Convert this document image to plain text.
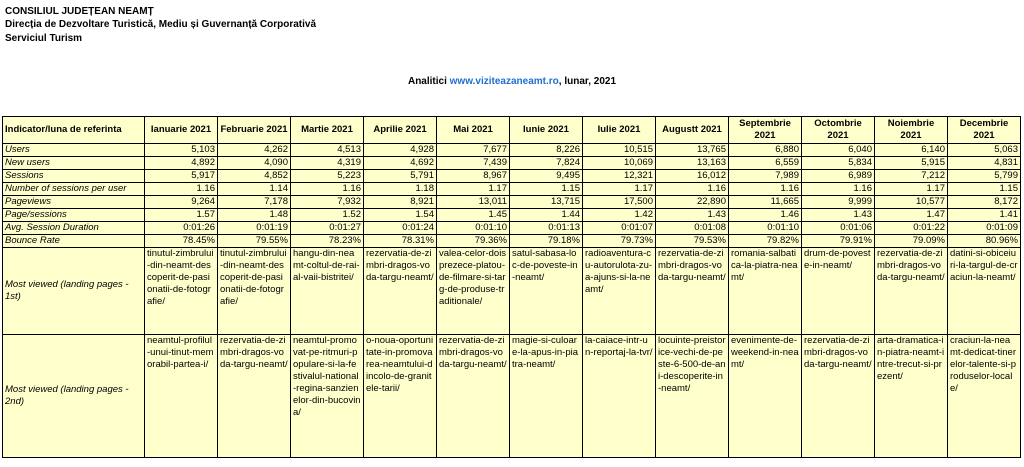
CONSILIUL JUDEȚEAN NEAMȚ
Direcția de Dezvoltare Turistică, Mediu și Guvernanță Corporativă
Serviciul Turism
Analitici www.viziteazaneamt.ro, lunar, 2021
Indicator/luna de referinta	Ianuarie 2021	Februarie 2021	Martie 2021	Aprilie 2021	Mai 2021	Iunie 2021	Iulie 2021	Augustt 2021	Septembrie 2021	Octombrie 2021	Noiembrie 2021	Decembrie 2021
Users	5,103	4,262	4,513	4,928	7,677	8,226	10,515	13,765	6,880	6,040	6,140	5,063
New users	4,892	4,090	4,319	4,692	7,439	7,824	10,069	13,163	6,559	5,834	5,915	4,831
Sessions	5,917	4,852	5,223	5,791	8,967	9,495	12,321	16,012	7,989	6,989	7,212	5,799
Number of sessions per user	1.16	1.14	1.16	1.18	1.17	1.15	1.17	1.16	1.16	1.16	1.17	1.15
Pageviews	9,264	7,178	7,932	8,921	13,011	13,715	17,500	22,890	11,665	9,999	10,577	8,172
Page/sessions	1.57	1.48	1.52	1.54	1.45	1.44	1.42	1.43	1.46	1.43	1.47	1.41
Avg. Session Duration	0:01:26	0:01:19	0:01:27	0:01:24	0:01:10	0:01:13	0:01:07	0:01:08	0:01:10	0:01:06	0:01:22	0:01:09
Bounce Rate	78.45%	79.55%	78.23%	78.31%	79.36%	79.18%	79.73%	79.53%	79.82%	79.91%	79.09%	80.96%
Most viewed (landing pages - 1st)	tinutul-zimbrului-din-neamt-descoperit-de-pasionatii-de-fotografie/	tinutul-zimbrului-din-neamt-descoperit-de-pasionatii-de-fotografie/	hangu-din-neamt-coltul-de-rai-al-vaii-bistritei/	rezervatia-de-zimbri-dragos-voda-targu-neamt/	valea-celor-doisprezece-platou-de-filmare-si-targ-de-produse-traditionale/	satul-sabasa-loc-de-poveste-in-neamt/	radioaventura-cu-autorulota-zu-a-ajuns-si-la-neamt/	rezervatia-de-zimbri-dragos-voda-targu-neamt/	romania-salbatica-la-piatra-neamt/	drum-de-poveste-in-neamt/	rezervatia-de-zimbri-dragos-voda-targu-neamt/	datini-si-obiceiuri-la-targul-de-craciun-la-neamt/
Most viewed (landing pages - 2nd)	neamtul-profilul-unui-tinut-memorabil-partea-i/	rezervatia-de-zimbri-dragos-voda-targu-neamt/	neamtul-promovat-pe-ritmuri-populare-si-la-festivalul-national-regina-sanzienelor-din-bucovina/	o-noua-oportunitate-in-promovarea-neamtului-dincolo-de-granitele-tarii/	rezervatia-de-zimbri-dragos-voda-targu-neamt/	magie-si-culoare-la-apus-in-piatra-neamt/	la-caiace-intr-un-reportaj-la-tvr/	locuinte-preistorice-vechi-de-peste-6-500-de-ani-descoperite-in-neamt/	evenimente-de-weekend-in-neamt/	rezervatia-de-zimbri-dragos-voda-targu-neamt/	arta-dramatica-in-piatra-neamt-intre-trecut-si-prezent/	craciun-la-neamt-dedicat-tinerelor-talente-si-produselor-locale/
